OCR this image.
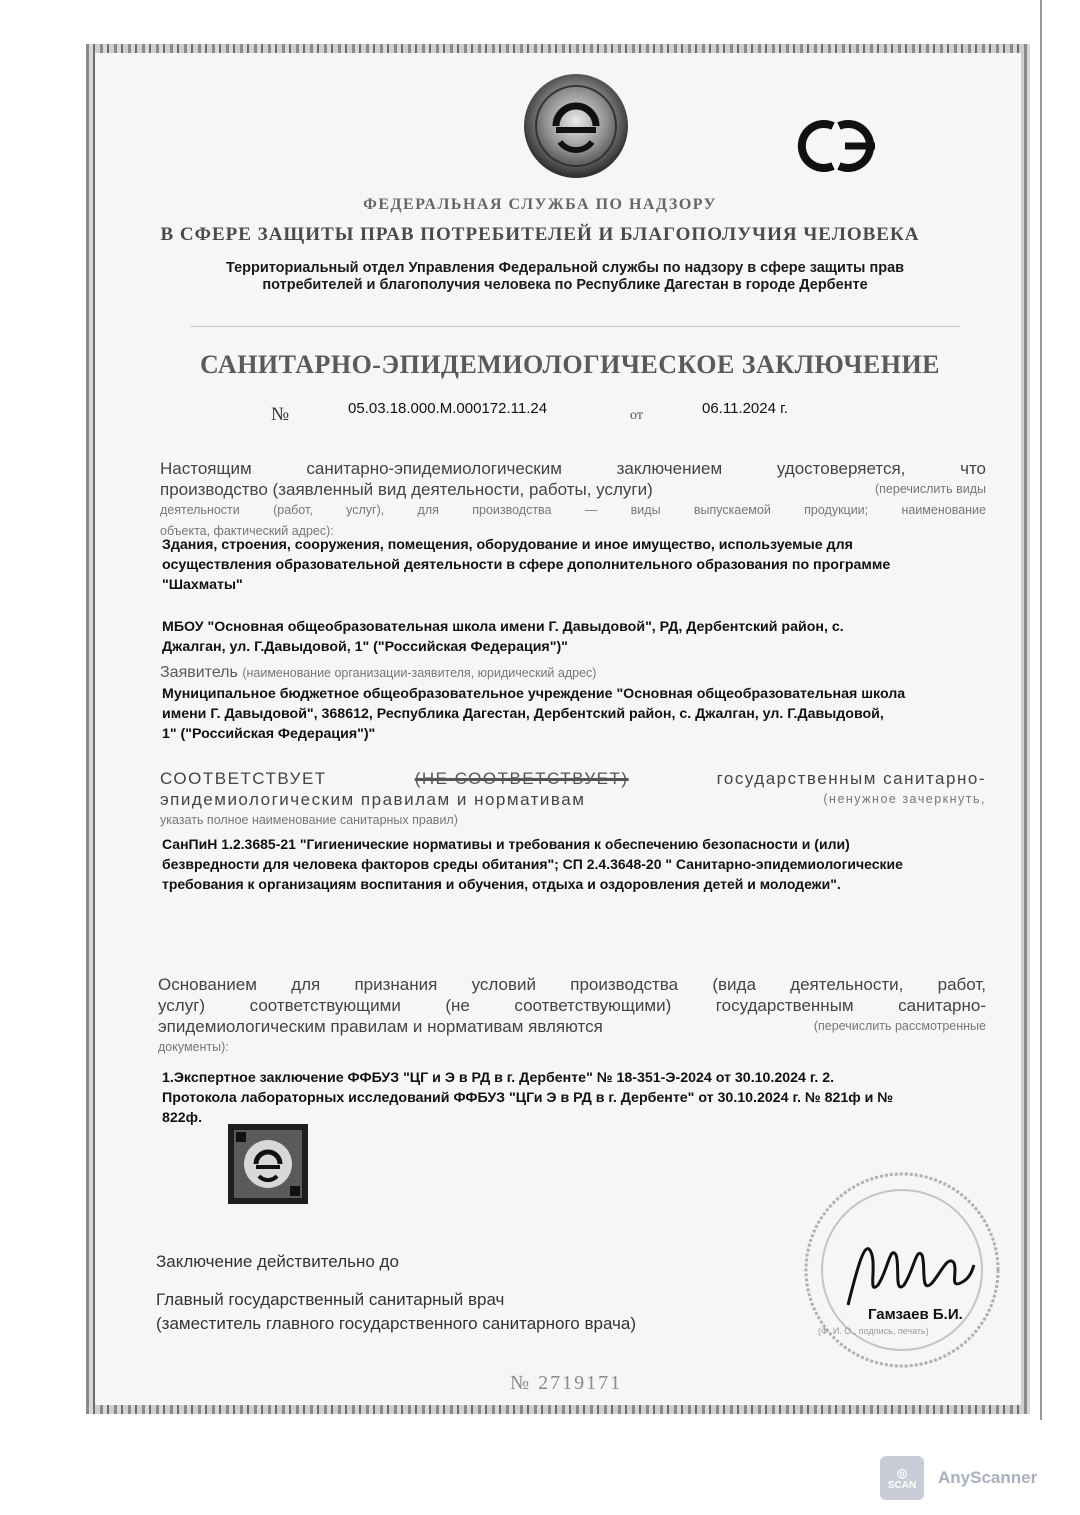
ФЕДЕРАЛЬНАЯ СЛУЖБА ПО НАДЗОРУ
В СФЕРЕ ЗАЩИТЫ ПРАВ ПОТРЕБИТЕЛЕЙ И БЛАГОПОЛУЧИЯ ЧЕЛОВЕКА
Территориальный отдел Управления Федеральной службы по надзору в сфере защиты прав
потребителей и благополучия человека по Республике Дагестан в городе Дербенте
САНИТАРНО-ЭПИДЕМИОЛОГИЧЕСКОЕ ЗАКЛЮЧЕНИЕ
№	05.03.18.000.М.000172.11.24	от	06.11.2024 г.
Настоящим санитарно-эпидемиологическим заключением удостоверяется, что
производство (заявленный вид деятельности, работы, услуги)	(перечислить виды
деятельности (работ, услуг), для производства — виды выпускаемой продукции; наименование
объекта, фактический адрес):
Здания, строения, сооружения, помещения, оборудование и иное имущество, используемые для
осуществления образовательной деятельности в сфере дополнительного образования по программе
"Шахматы"
МБОУ "Основная общеобразовательная школа имени Г. Давыдовой", РД, Дербентский район, с.
Джалган, ул. Г.Давыдовой, 1" ("Российская Федерация")"
Заявитель (наименование организации-заявителя, юридический адрес)
Муниципальное бюджетное общеобразовательное учреждение "Основная общеобразовательная школа
имени Г. Давыдовой", 368612, Республика Дагестан, Дербентский район, с. Джалган, ул. Г.Давыдовой,
1" ("Российская Федерация")"
СООТВЕТСТВУЕТ	(НЕ СООТВЕТСТВУЕТ)	государственным санитарно-
эпидемиологическим правилам и нормативам	(ненужное зачеркнуть,
указать полное наименование санитарных правил)
СанПиН 1.2.3685-21 "Гигиенические нормативы и требования к обеспечению безопасности и (или)
безвредности для человека факторов среды обитания"; СП 2.4.3648-20 " Санитарно-эпидемиологические
требования к организациям воспитания и обучения, отдыха и оздоровления детей и молодежи".
Основанием для признания условий производства (вида деятельности, работ,
услуг) соответствующими (не соответствующими) государственным санитарно-
эпидемиологическим правилам и нормативам являются	(перечислить рассмотренные
документы):
1.Экспертное заключение ФФБУЗ "ЦГ и Э в РД в г. Дербенте" № 18-351-Э-2024 от 30.10.2024 г. 2.
Протокола лабораторных исследований ФФБУЗ "ЦГи Э в РД в г. Дербенте" от 30.10.2024 г. № 821ф и №
822ф.
Заключение действительно до
Главный государственный санитарный врач
(заместитель главного государственного санитарного врача)	Гамзаев Б.И.
(Ф. И. О., подпись, печать)
№ 2719171
◎
SCAN AnyScanner
